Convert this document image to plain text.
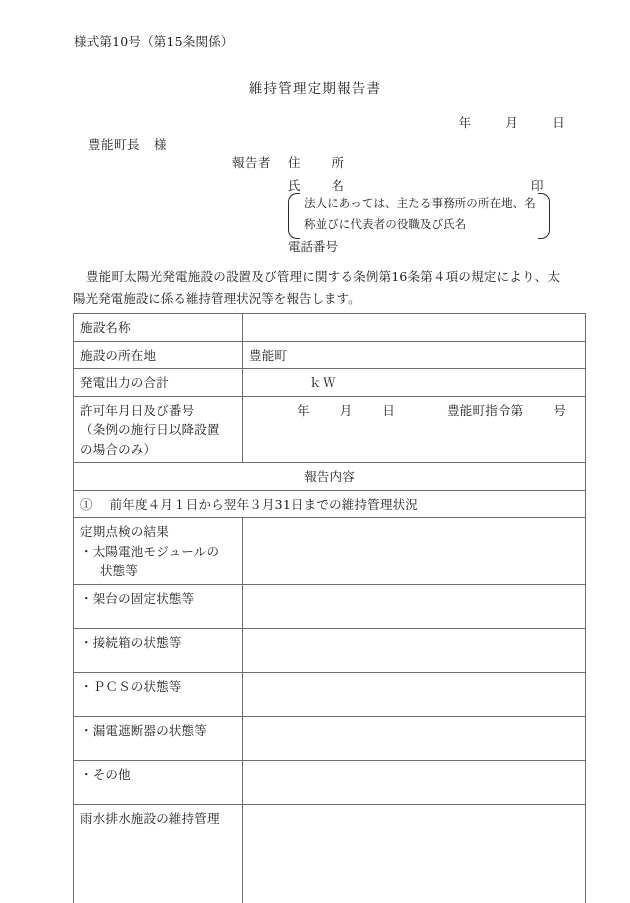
様式第10号（第15条関係）
維持管理定期報告書
年	月	日
豊能町長 様
報告者 住 所
氏 名	印
法人にあっては、主たる事務所の所在地、名称並びに代表者の役職及び氏名
電話番号
豊能町太陽光発電施設の設置及び管理に関する条例第16条第４項の規定により、太陽光発電施設に係る維持管理状況等を報告します。
施設名称	
施設の所在地	豊能町
発電出力の合計	ｋＷ

許可年月日及び番号
（条例の施行日以降設置
の場合のみ）	年 月 日 豊能町指令第 号

報告内容	
① 　前年度４月１日から翌年３月31日までの維持管理状況	

定期点検の結果
・太陽電池モジュールの
状態等	

・架台の固定状態等	
・接続箱の状態等	
・ＰＣＳの状態等	
・漏電遮断器の状態等	
・その他	
雨水排水施設の維持管理	
